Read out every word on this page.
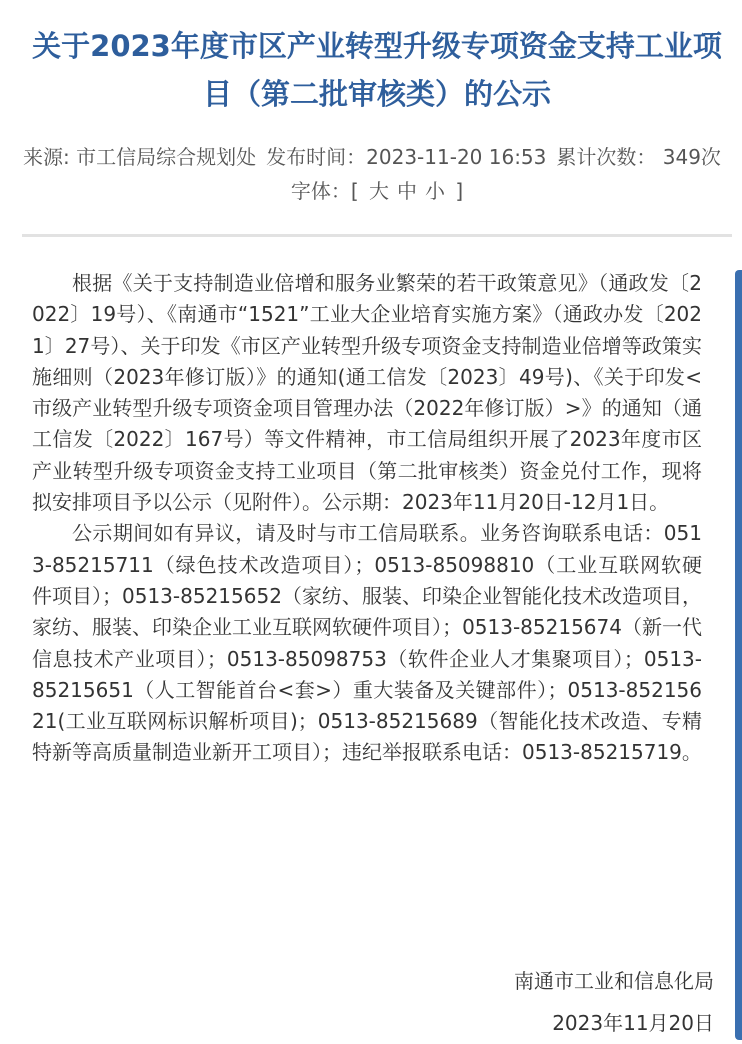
关于2023年度市区产业转型升级专项资金支持工业项目（第二批审核类）的公示
来源: 市工信局综合规划处 发布时间：2023-11-20 16:53 累计次数： 349次字体：[ 大 中 小 ]

根据《关于支持制造业倍增和服务业繁荣的若干政策意见》（通政发〔2022〕19号）、《南通市“1521”工业大企业培育实施方案》（通政办发〔2021〕27号）、关于印发《市区产业转型升级专项资金支持制造业倍增等政策实施细则（2023年修订版）》的通知(通工信发〔2023〕49号)、《关于印发<市级产业转型升级专项资金项目管理办法（2022年修订版）>》的通知（通工信发〔2022〕167号）等文件精神，市工信局组织开展了2023年度市区产业转型升级专项资金支持工业项目（第二批审核类）资金兑付工作，现将拟安排项目予以公示（见附件）。公示期：2023年11月20日-12月1日。

公示期间如有异议，请及时与市工信局联系。业务咨询联系电话：0513-85215711（绿色技术改造项目）；0513-85098810（工业互联网软硬件项目）；0513-85215652（家纺、服装、印染企业智能化技术改造项目，家纺、服装、印染企业工业互联网软硬件项目）；0513-85215674（新一代信息技术产业项目）；0513-85098753（软件企业人才集聚项目）；0513-85215651（人工智能首台<套>）重大装备及关键部件）；0513-85215621(工业互联网标识解析项目)；0513-85215689（智能化技术改造、专精特新等高质量制造业新开工项目）；违纪举报联系电话：0513-85215719。

南通市工业和信息化局
2023年11月20日
